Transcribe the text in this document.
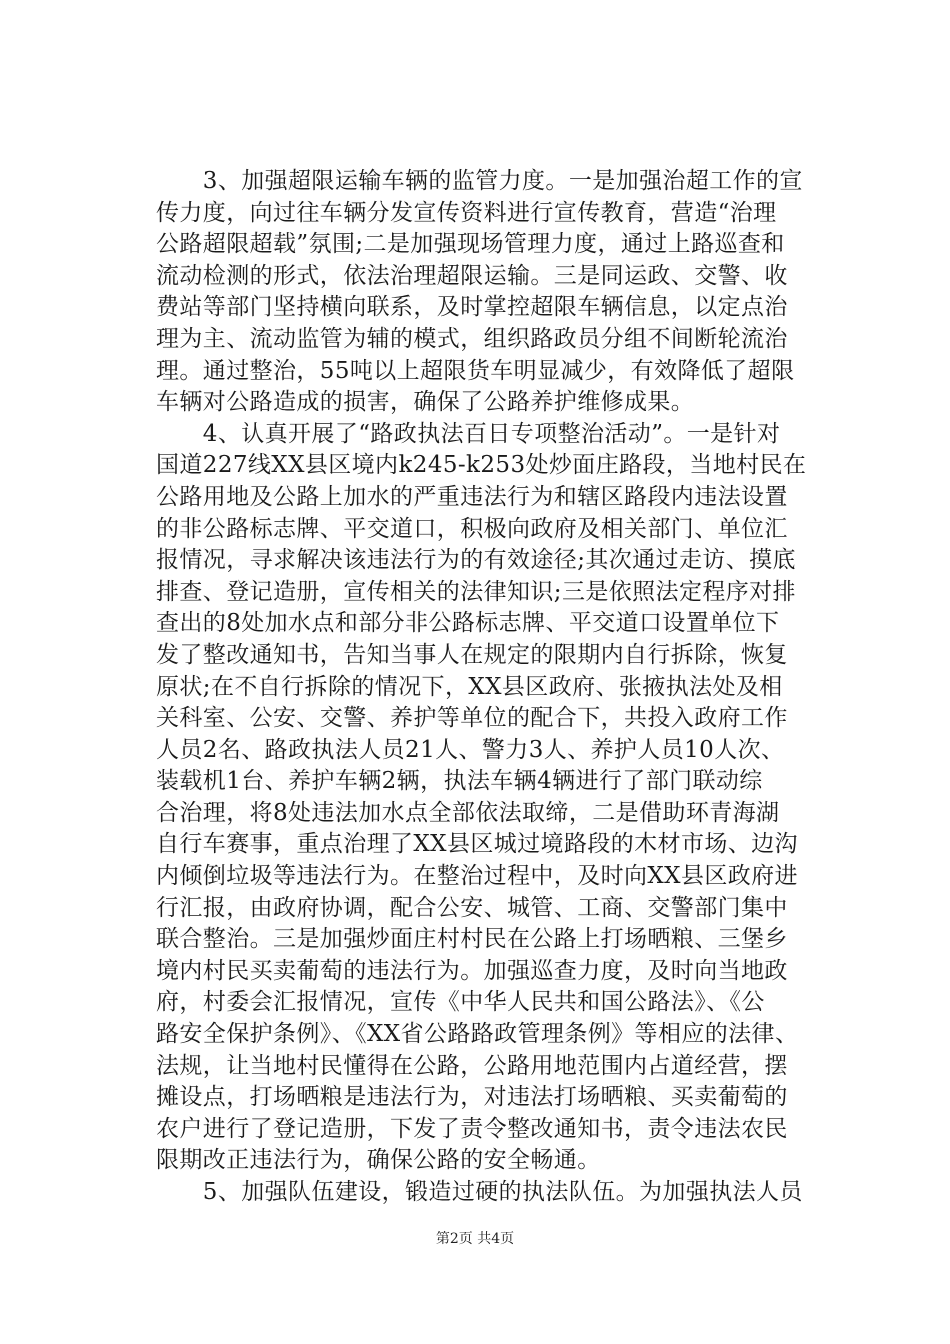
　　3、加强超限运输车辆的监管力度。一是加强治超工作的宣
传力度，向过往车辆分发宣传资料进行宣传教育，营造“治理
公路超限超载”氛围;二是加强现场管理力度，通过上路巡查和
流动检测的形式，依法治理超限运输。三是同运政、交警、收
费站等部门坚持横向联系，及时掌控超限车辆信息，以定点治
理为主、流动监管为辅的模式，组织路政员分组不间断轮流治
理。通过整治，55吨以上超限货车明显减少，有效降低了超限
车辆对公路造成的损害，确保了公路养护维修成果。
　　4、认真开展了“路政执法百日专项整治活动”。一是针对
国道227线XX县区境内k245-k253处炒面庄路段，当地村民在
公路用地及公路上加水的严重违法行为和辖区路段内违法设置
的非公路标志牌、平交道口，积极向政府及相关部门、单位汇
报情况，寻求解决该违法行为的有效途径;其次通过走访、摸底
排查、登记造册，宣传相关的法律知识;三是依照法定程序对排
查出的8处加水点和部分非公路标志牌、平交道口设置单位下
发了整改通知书，告知当事人在规定的限期内自行拆除，恢复
原状;在不自行拆除的情况下，XX县区政府、张掖执法处及相
关科室、公安、交警、养护等单位的配合下，共投入政府工作
人员2名、路政执法人员21人、警力3人、养护人员10人次、
装载机1台、养护车辆2辆，执法车辆4辆进行了部门联动综
合治理，将8处违法加水点全部依法取缔，二是借助环青海湖
自行车赛事，重点治理了XX县区城过境路段的木材市场、边沟
内倾倒垃圾等违法行为。在整治过程中，及时向XX县区政府进
行汇报，由政府协调，配合公安、城管、工商、交警部门集中
联合整治。三是加强炒面庄村村民在公路上打场晒粮、三堡乡
境内村民买卖葡萄的违法行为。加强巡查力度，及时向当地政
府，村委会汇报情况，宣传《中华人民共和国公路法》、《公
路安全保护条例》、《XX省公路路政管理条例》等相应的法律、
法规，让当地村民懂得在公路，公路用地范围内占道经营，摆
摊设点，打场晒粮是违法行为，对违法打场晒粮、买卖葡萄的
农户进行了登记造册，下发了责令整改通知书，责令违法农民
限期改正违法行为，确保公路的安全畅通。
　　5、加强队伍建设，锻造过硬的执法队伍。为加强执法人员
第2页 共4页
